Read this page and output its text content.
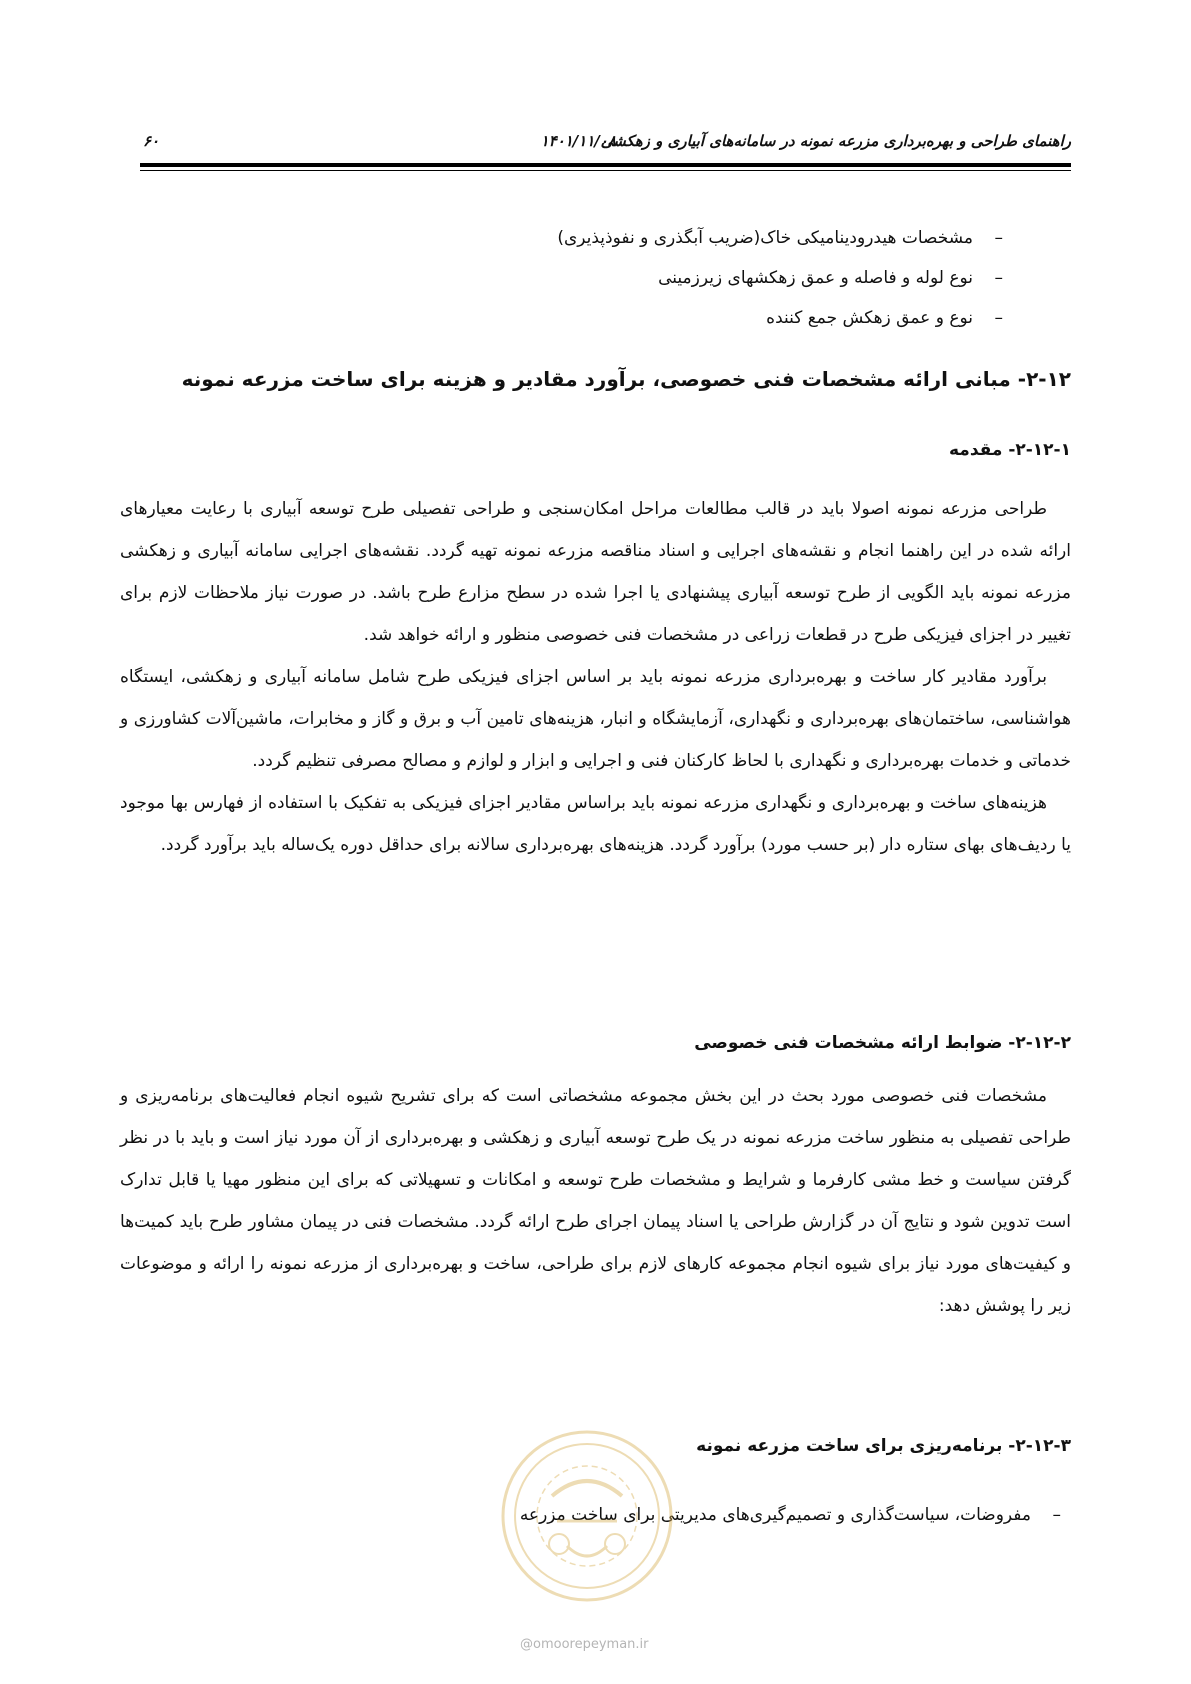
راهنمای طراحی و بهره‌برداری مزرعه نمونه در سامانه‌های آبیاری و زهکشی
۱۴۰۱/۱۱/۰۸
۶۰
–مشخصات هیدرودینامیکی خاک(ضریب آبگذری و نفوذپذیری)
–نوع لوله و فاصله و عمق زهکشهای زیرزمینی
–نوع و عمق زهکش جمع کننده
۲-۱۲- مبانی ارائه مشخصات فنی خصوصی، برآورد مقادیر و هزینه برای ساخت مزرعه نمونه
۲-۱۲-۱- مقدمه

طراحی مزرعه نمونه اصولا باید در قالب مطالعات مراحل امکان‌سنجی و طراحی تفصیلی طرح توسعه آبیاری با رعایت معیارهای ارائه شده در این راهنما انجام و نقشه‌های اجرایی و اسناد مناقصه مزرعه نمونه تهیه گردد. نقشه‌های اجرایی سامانه آبیاری و زهکشی مزرعه نمونه باید الگویی از طرح توسعه آبیاری پیشنهادی یا اجرا شده در سطح مزارع طرح باشد. در صورت نیاز ملاحظات لازم برای تغییر در اجزای فیزیکی طرح در قطعات زراعی در مشخصات فنی خصوصی منظور و ارائه خواهد شد.

برآورد مقادیر کار ساخت و بهره‌برداری مزرعه نمونه باید بر اساس اجزای فیزیکی طرح شامل سامانه آبیاری و زهکشی، ایستگاه هواشناسی، ساختمان‌های بهره‌برداری و نگهداری، آزمایشگاه و انبار، هزینه‌های تامین آب و برق و گاز و مخابرات، ماشین‌آلات کشاورزی و خدماتی و خدمات بهره‌برداری و نگهداری با لحاظ کارکنان فنی و اجرایی و ابزار و لوازم و مصالح مصرفی تنظیم گردد.

هزینه‌های ساخت و بهره‌برداری و نگهداری مزرعه نمونه باید براساس مقادیر اجزای فیزیکی به تفکیک با استفاده از فهارس بها موجود یا ردیف‌های بهای ستاره دار (بر حسب مورد) برآورد گردد. هزینه‌های بهره‌برداری سالانه برای حداقل دوره یک‌ساله باید برآورد گردد.

۲-۱۲-۲- ضوابط ارائه مشخصات فنی خصوصی

مشخصات فنی خصوصی مورد بحث در این بخش مجموعه مشخصاتی است که برای تشریح شیوه انجام فعالیت‌های برنامه‌ریزی و طراحی تفصیلی به منظور ساخت مزرعه نمونه در یک طرح توسعه آبیاری و زهکشی و بهره‌برداری از آن مورد نیاز است و باید با در نظر گرفتن سیاست و خط مشی کارفرما و شرایط و مشخصات طرح توسعه و امکانات و تسهیلاتی که برای این منظور مهیا یا قابل تدارک است تدوین شود و نتایج آن در گزارش طراحی یا اسناد پیمان اجرای طرح ارائه گردد. مشخصات فنی در پیمان مشاور طرح باید کمیت‌ها و کیفیت‌های مورد نیاز برای شیوه انجام مجموعه کارهای لازم برای طراحی، ساخت و بهره‌برداری از مزرعه نمونه را ارائه و موضوعات زیر را پوشش دهد:

۲-۱۲-۳- برنامه‌ریزی برای ساخت مزرعه نمونه
–مفروضات، سیاست‌گذاری و تصمیم‌گیری‌های مدیریتی برای ساخت مزرعه
@omoorepeyman.ir
